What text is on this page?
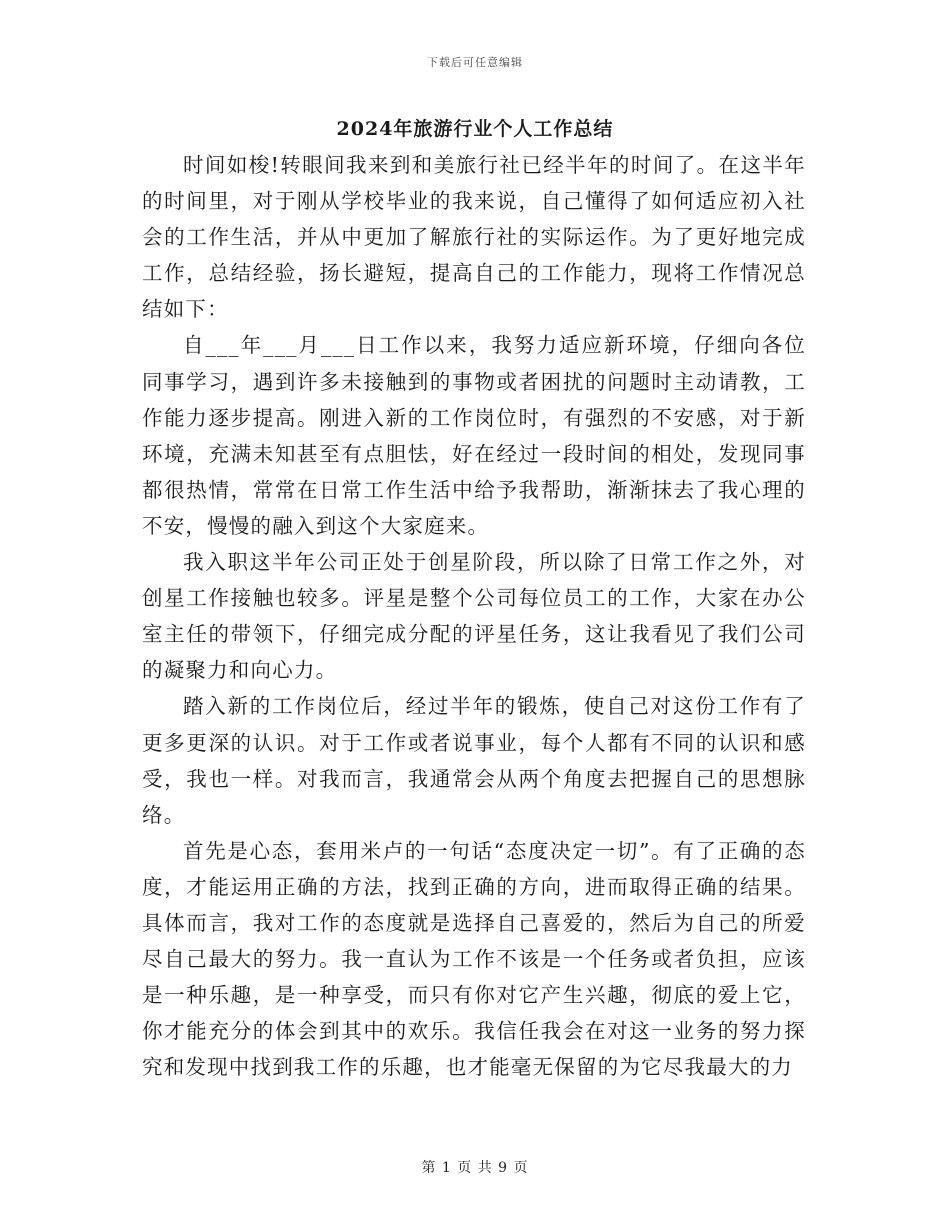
下载后可任意编辑
2024年旅游行业个人工作总结

时间如梭!转眼间我来到和美旅行社已经半年的时间了。在这半年的时间里，对于刚从学校毕业的我来说，自己懂得了如何适应初入社会的工作生活，并从中更加了解旅行社的实际运作。为了更好地完成工作，总结经验，扬长避短，提高自己的工作能力，现将工作情况总结如下：

自___年___月___日工作以来，我努力适应新环境，仔细向各位同事学习，遇到许多未接触到的事物或者困扰的问题时主动请教，工作能力逐步提高。刚进入新的工作岗位时，有强烈的不安感，对于新环境，充满未知甚至有点胆怯，好在经过一段时间的相处，发现同事都很热情，常常在日常工作生活中给予我帮助，渐渐抹去了我心理的不安，慢慢的融入到这个大家庭来。

我入职这半年公司正处于创星阶段，所以除了日常工作之外，对创星工作接触也较多。评星是整个公司每位员工的工作，大家在办公室主任的带领下，仔细完成分配的评星任务，这让我看见了我们公司的凝聚力和向心力。

踏入新的工作岗位后，经过半年的锻炼，使自己对这份工作有了更多更深的认识。对于工作或者说事业，每个人都有不同的认识和感受，我也一样。对我而言，我通常会从两个角度去把握自己的思想脉络。

首先是心态，套用米卢的一句话“态度决定一切”。有了正确的态度，才能运用正确的方法，找到正确的方向，进而取得正确的结果。具体而言，我对工作的态度就是选择自己喜爱的，然后为自己的所爱尽自己最大的努力。我一直认为工作不该是一个任务或者负担，应该是一种乐趣，是一种享受，而只有你对它产生兴趣，彻底的爱上它，你才能充分的体会到其中的欢乐。我信任我会在对这一业务的努力探究和发现中找到我工作的乐趣，也才能毫无保留的为它尽我最大的力

第 1 页 共 9 页
